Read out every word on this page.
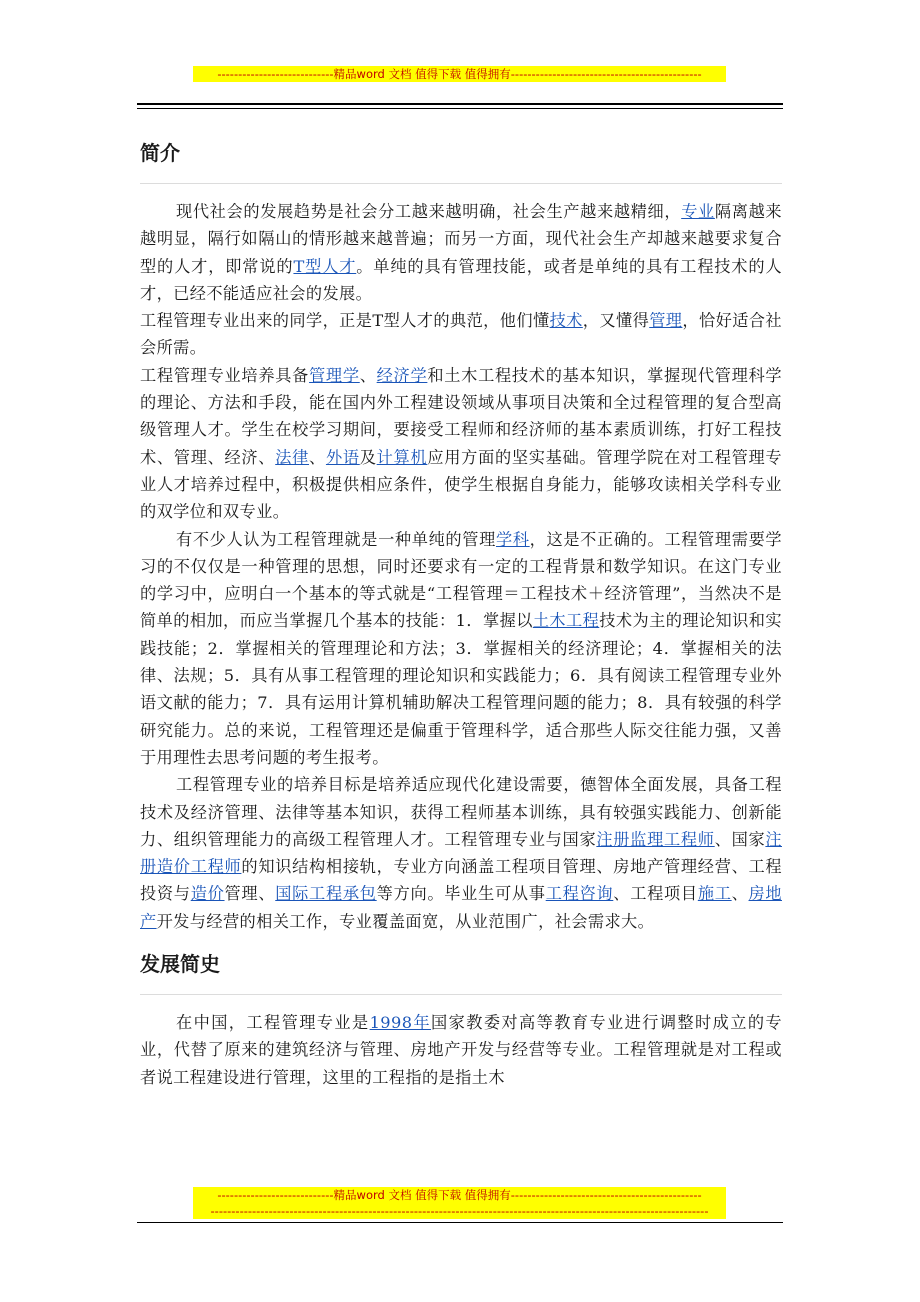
----------------------------精品word 文档 值得下载 值得拥有----------------------------------------------
简介

现代社会的发展趋势是社会分工越来越明确，社会生产越来越精细，专业隔离越来越明显，隔行如隔山的情形越来越普遍；而另一方面，现代社会生产却越来越要求复合型的人才，即常说的T型人才。单纯的具有管理技能，或者是单纯的具有工程技术的人才，已经不能适应社会的发展。

工程管理专业出来的同学，正是T型人才的典范，他们懂技术，又懂得管理，恰好适合社会所需。

工程管理专业培养具备管理学、经济学和土木工程技术的基本知识，掌握现代管理科学的理论、方法和手段，能在国内外工程建设领域从事项目决策和全过程管理的复合型高级管理人才。学生在校学习期间，要接受工程师和经济师的基本素质训练，打好工程技术、管理、经济、法律、外语及计算机应用方面的坚实基础。管理学院在对工程管理专业人才培养过程中，积极提供相应条件，使学生根据自身能力，能够攻读相关学科专业的双学位和双专业。

有不少人认为工程管理就是一种单纯的管理学科，这是不正确的。工程管理需要学习的不仅仅是一种管理的思想，同时还要求有一定的工程背景和数学知识。在这门专业的学习中，应明白一个基本的等式就是“工程管理＝工程技术＋经济管理”，当然决不是简单的相加，而应当掌握几个基本的技能：1．掌握以土木工程技术为主的理论知识和实践技能；2．掌握相关的管理理论和方法；3．掌握相关的经济理论；4．掌握相关的法律、法规；5．具有从事工程管理的理论知识和实践能力；6．具有阅读工程管理专业外语文献的能力；7．具有运用计算机辅助解决工程管理问题的能力；8．具有较强的科学研究能力。总的来说，工程管理还是偏重于管理科学，适合那些人际交往能力强，又善于用理性去思考问题的考生报考。

工程管理专业的培养目标是培养适应现代化建设需要，德智体全面发展，具备工程技术及经济管理、法律等基本知识，获得工程师基本训练，具有较强实践能力、创新能力、组织管理能力的高级工程管理人才。工程管理专业与国家注册监理工程师、国家注册造价工程师的知识结构相接轨，专业方向涵盖工程项目管理、房地产管理经营、工程投资与造价管理、国际工程承包等方向。毕业生可从事工程咨询、工程项目施工、房地产开发与经营的相关工作，专业覆盖面宽，从业范围广，社会需求大。

发展简史

在中国，工程管理专业是1998年国家教委对高等教育专业进行调整时成立的专业，代替了原来的建筑经济与管理、房地产开发与经营等专业。工程管理就是对工程或者说工程建设进行管理，这里的工程指的是指土木

----------------------------精品word 文档 值得下载 值得拥有----------------------------------------------
------------------------------------------------------------------------------------------------------------------------
